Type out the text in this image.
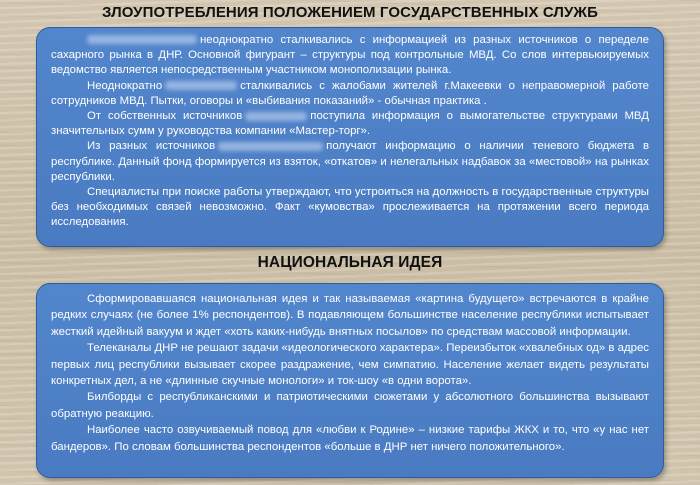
ЗЛОУПОТРЕБЛЕНИЯ ПОЛОЖЕНИЕМ ГОСУДАРСТВЕННЫХ СЛУЖБ

неоднократно сталкивались с информацией из разных источников о переделе сахарного рынка в ДНР. Основной фигурант – структуры под контрольные МВД. Со слов интервьюируемых ведомство является непосредственным участником монополизации рынка.

Неоднократно	сталкивались с жалобами жителей г.Макеевки о неправомерной работе сотрудников МВД. Пытки, оговоры и «выбивания показаний» - обычная практика .

От собственных источников	поступила информация о вымогательстве структурами МВД значительных сумм у руководства компании «Мастер-торг».

Из разных источников	получают информацию о наличии теневого бюджета в республике. Данный фонд формируется из взяток, «откатов» и нелегальных надбавок за «местовой» на рынках республики.

Специалисты при поиске работы утверждают, что устроиться на должность в государственные структуры без необходимых связей невозможно. Факт «кумовства» прослеживается на протяжении всего периода исследования.

НАЦИОНАЛЬНАЯ ИДЕЯ

Сформировавшаяся национальная идея и так называемая «картина будущего» встречаются в крайне редких случаях (не более 1% респондентов). В подавляющем большинстве население республики испытывает жесткий идейный вакуум и ждет «хоть каких-нибудь внятных посылов» по средствам массовой информации.

Телеканалы ДНР не решают задачи «идеологического характера». Переизбыток «хвалебных од» в адрес первых лиц республики вызывает скорее раздражение, чем симпатию. Население желает видеть результаты конкретных дел, а не «длинные скучные монологи» и ток-шоу «в одни ворота».

Билборды с республиканскими и патриотическими сюжетами у абсолютного большинства вызывают обратную реакцию.

Наиболее часто озвучиваемый повод для «любви к Родине» – низкие тарифы ЖКХ и то, что «у нас нет бандеров». По словам большинства респондентов «больше в ДНР нет ничего положительного».
